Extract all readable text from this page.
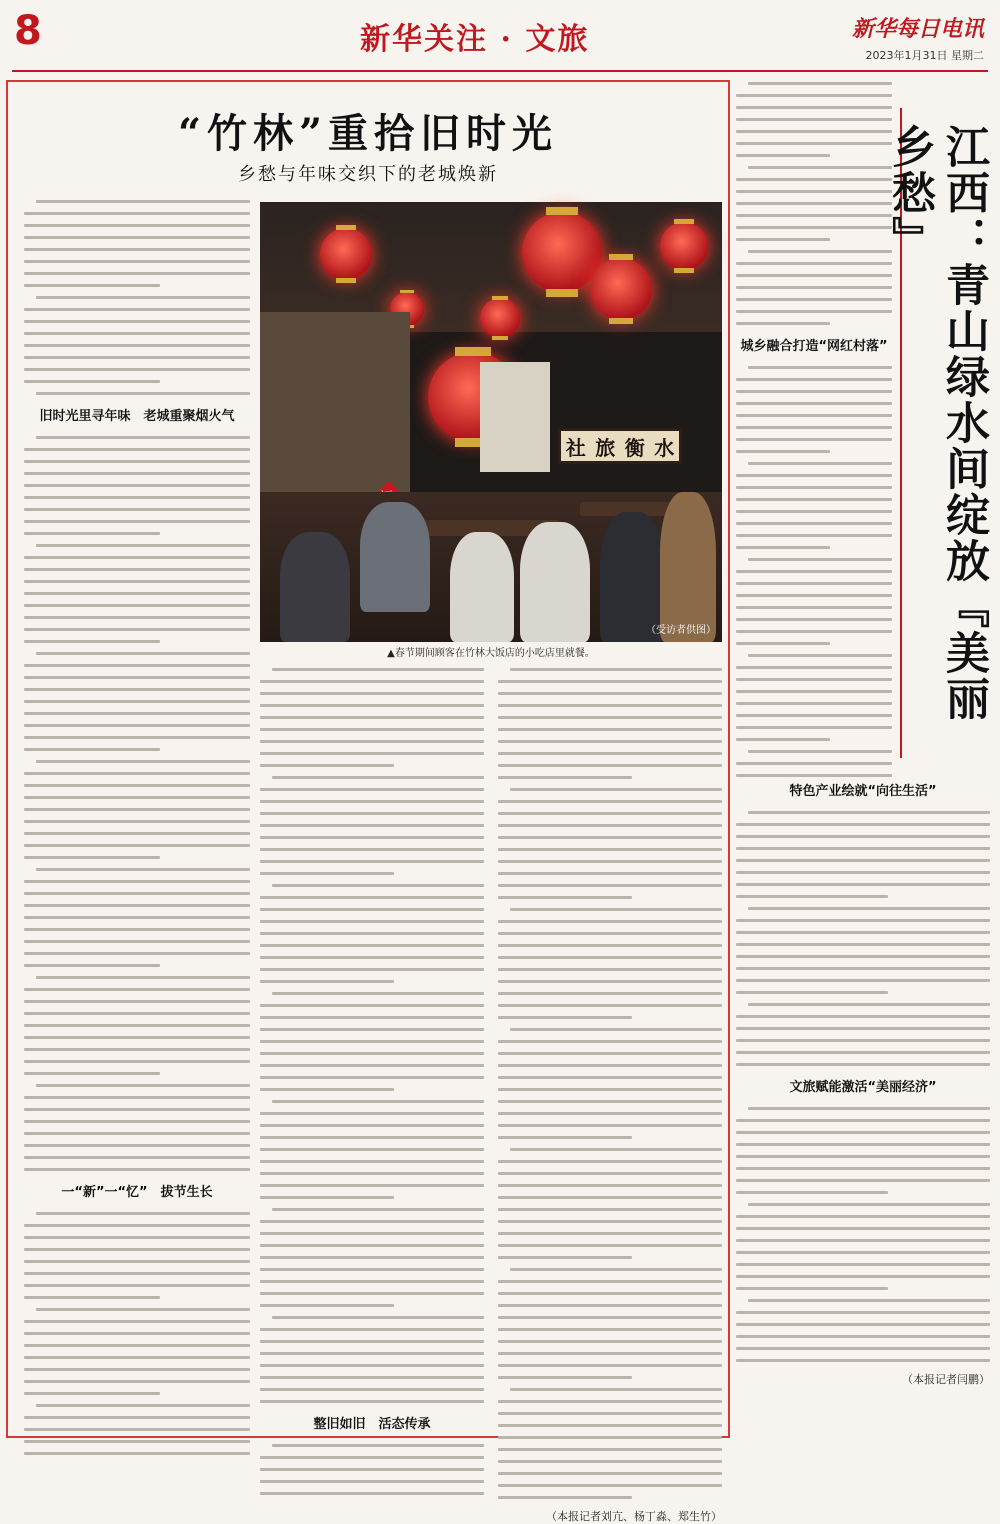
8	新华关注 · 文旅	新华每日电讯
2023年1月31日 星期二
“竹林”重拾旧时光
乡愁与年味交织下的老城焕新
旧时光里寻年味　老城重聚烟火气
一“新”一“忆”　拔节生长
社 旅 衡 水
（受访者供图）
▲春节期间顾客在竹林大饭店的小吃店里就餐。
整旧如旧　活态传承
（本报记者刘亢、杨丁淼、郑生竹）
城乡融合打造“网红村落”	江西：青山绿水间绽放『美丽乡愁』
特色产业绘就“向往生活”
文旅赋能激活“美丽经济”
（本报记者闫鹏）
